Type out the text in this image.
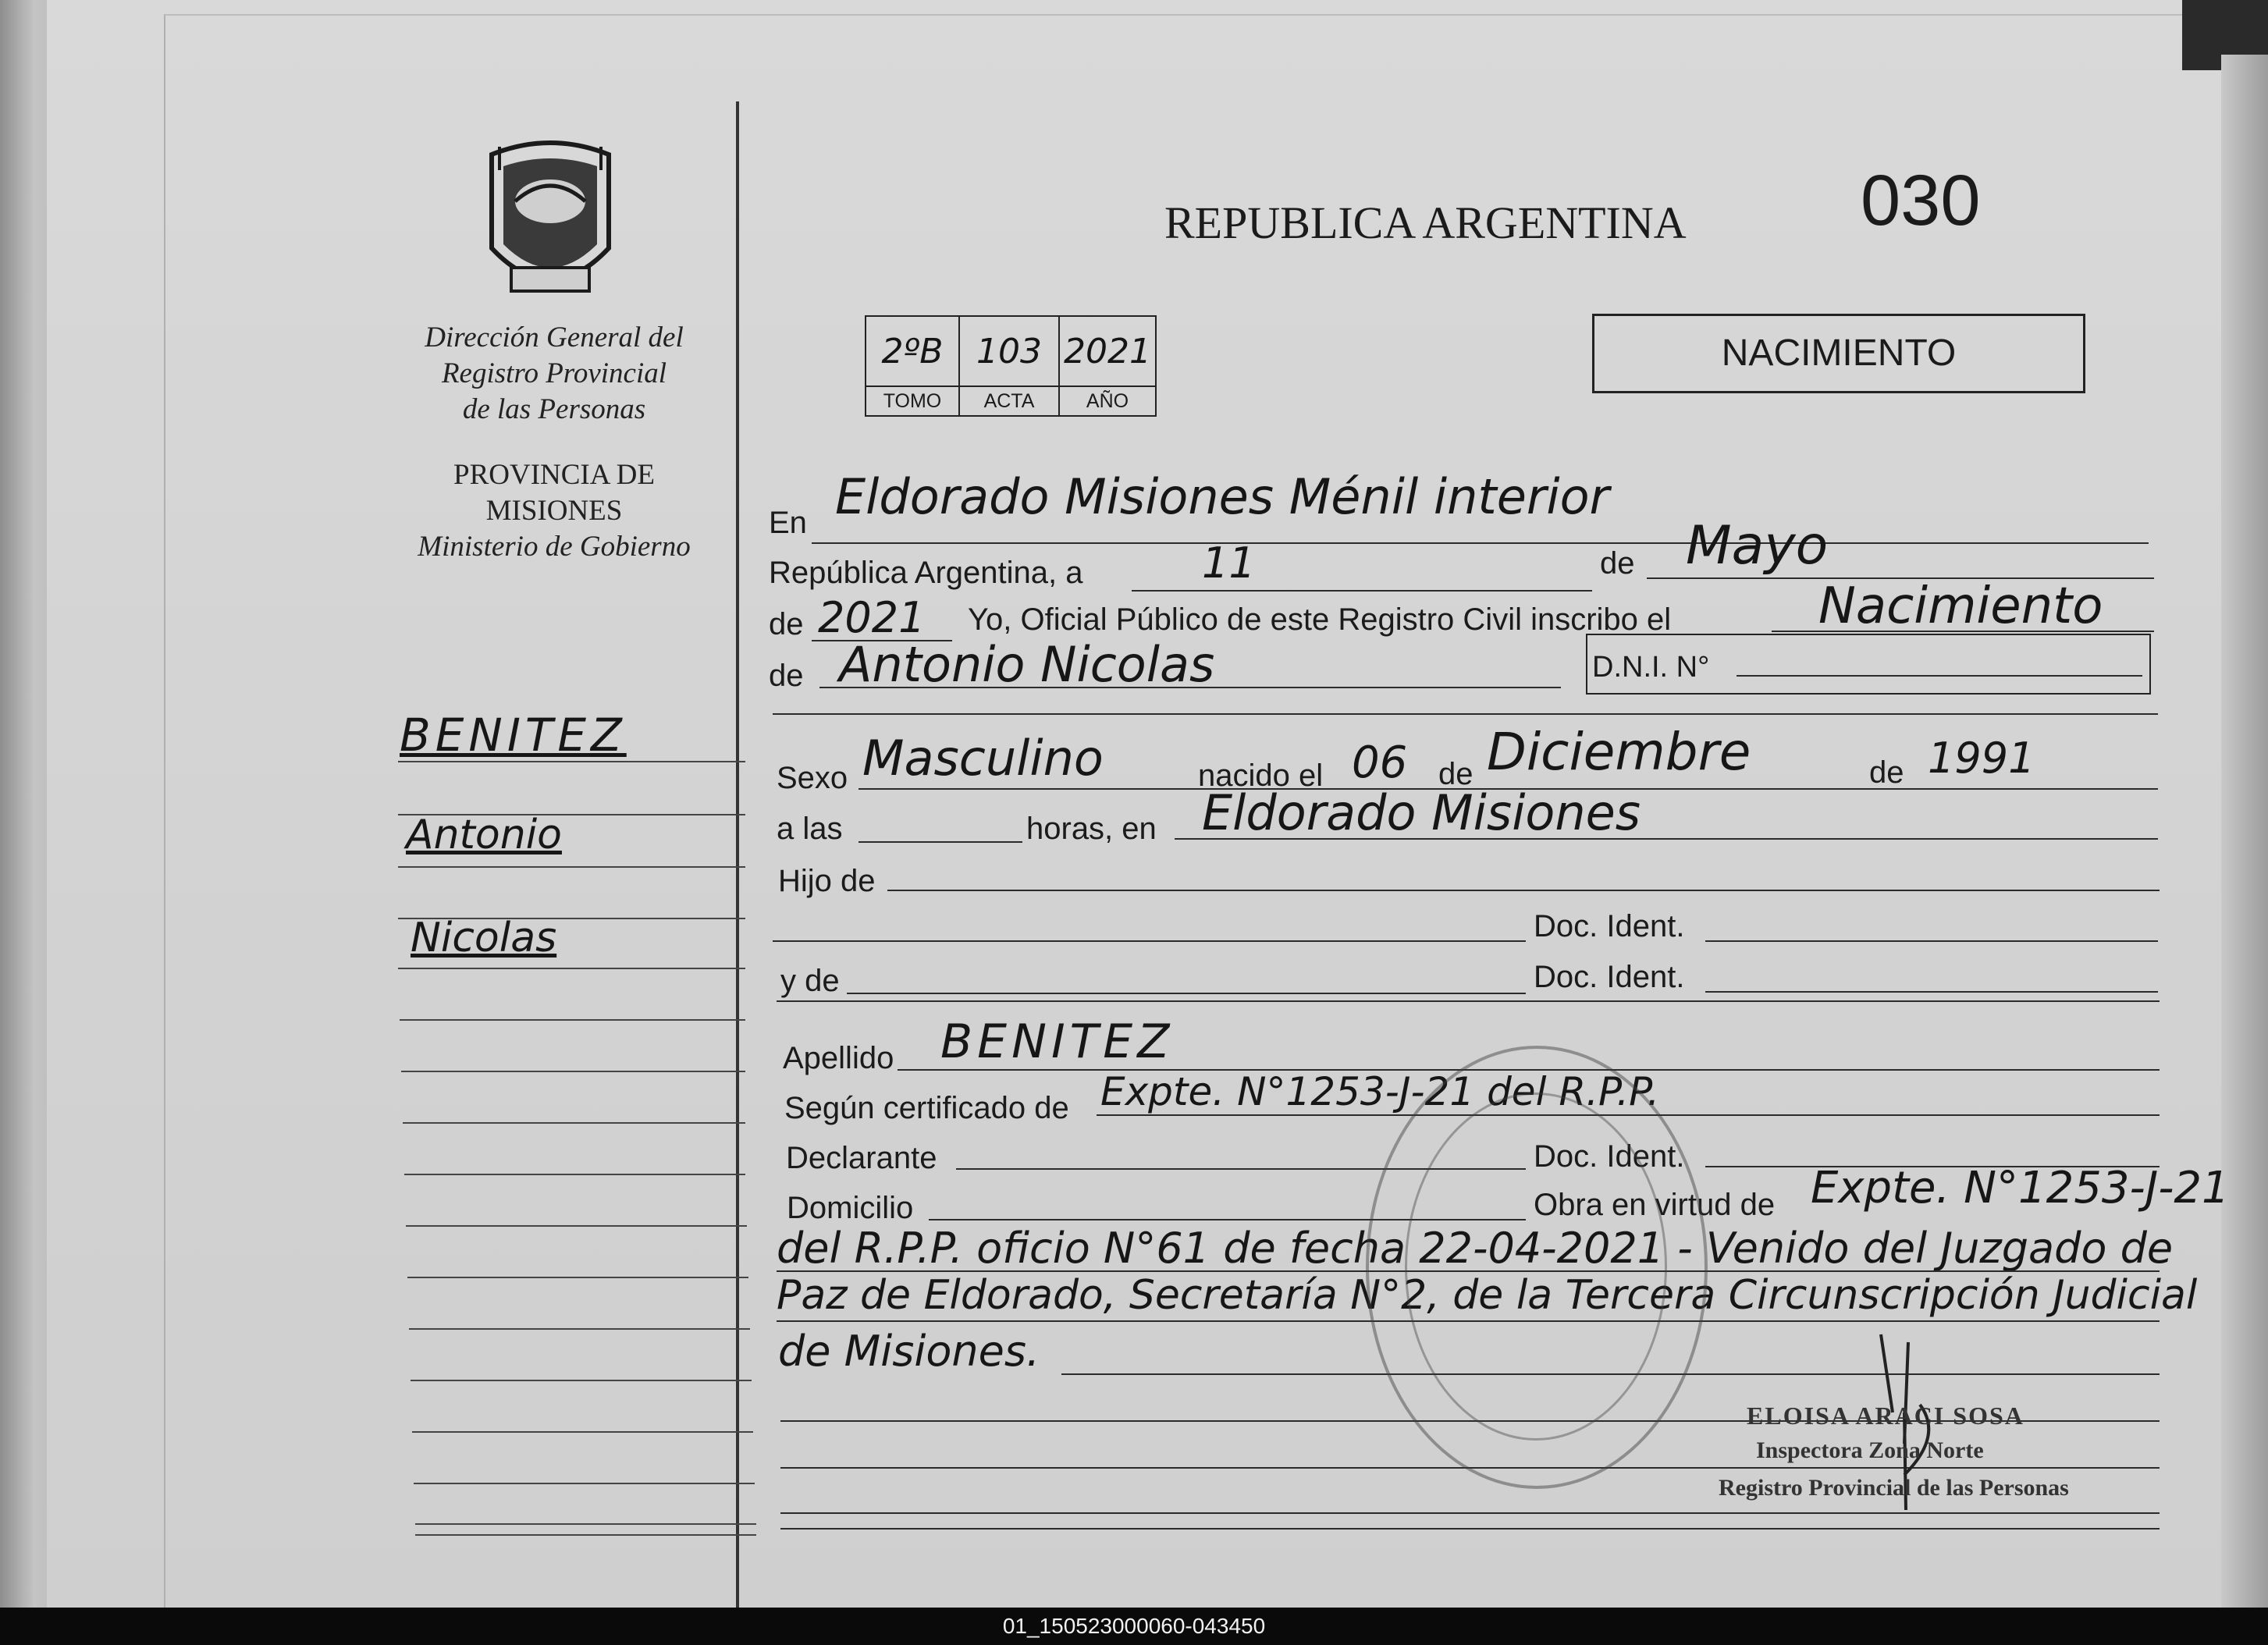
Dirección General del
Registro Provincial
de las Personas
PROVINCIA DE
MISIONES
Ministerio de Gobierno
BENITEZ
Antonio
Nicolas
REPUBLICA ARGENTINA 030
NACIMIENTO
2ºB	103	2021
TOMO	ACTA	AÑO
En Eldorado Misiones Ménil interior
República Argentina, a	11	de Mayo
de 2021 Yo, Oficial Público de este Registro Civil inscribo el	Nacimiento
de Antonio Nicolas	D.N.I. N°
Sexo Masculino	nacido el 06 de Diciembre	de 1991
a las	horas, en Eldorado Misiones
Hijo de
Doc. Ident.
y de	Doc. Ident.
Apellido BENITEZ
Según certificado de Expte. N°1253-J-21 del R.P.P.
Declarante	Doc. Ident.
Domicilio	Obra en virtud de Expte. N°1253-J-21
del R.P.P. oficio N°61 de fecha 22-04-2021 - Venido del Juzgado de
Paz de Eldorado, Secretaría N°2, de la Tercera Circunscripción Judicial
de Misiones.
ELOISA ARACI SOSA
Inspectora Zona Norte
Registro Provincial de las Personas
01_150523000060-043450
